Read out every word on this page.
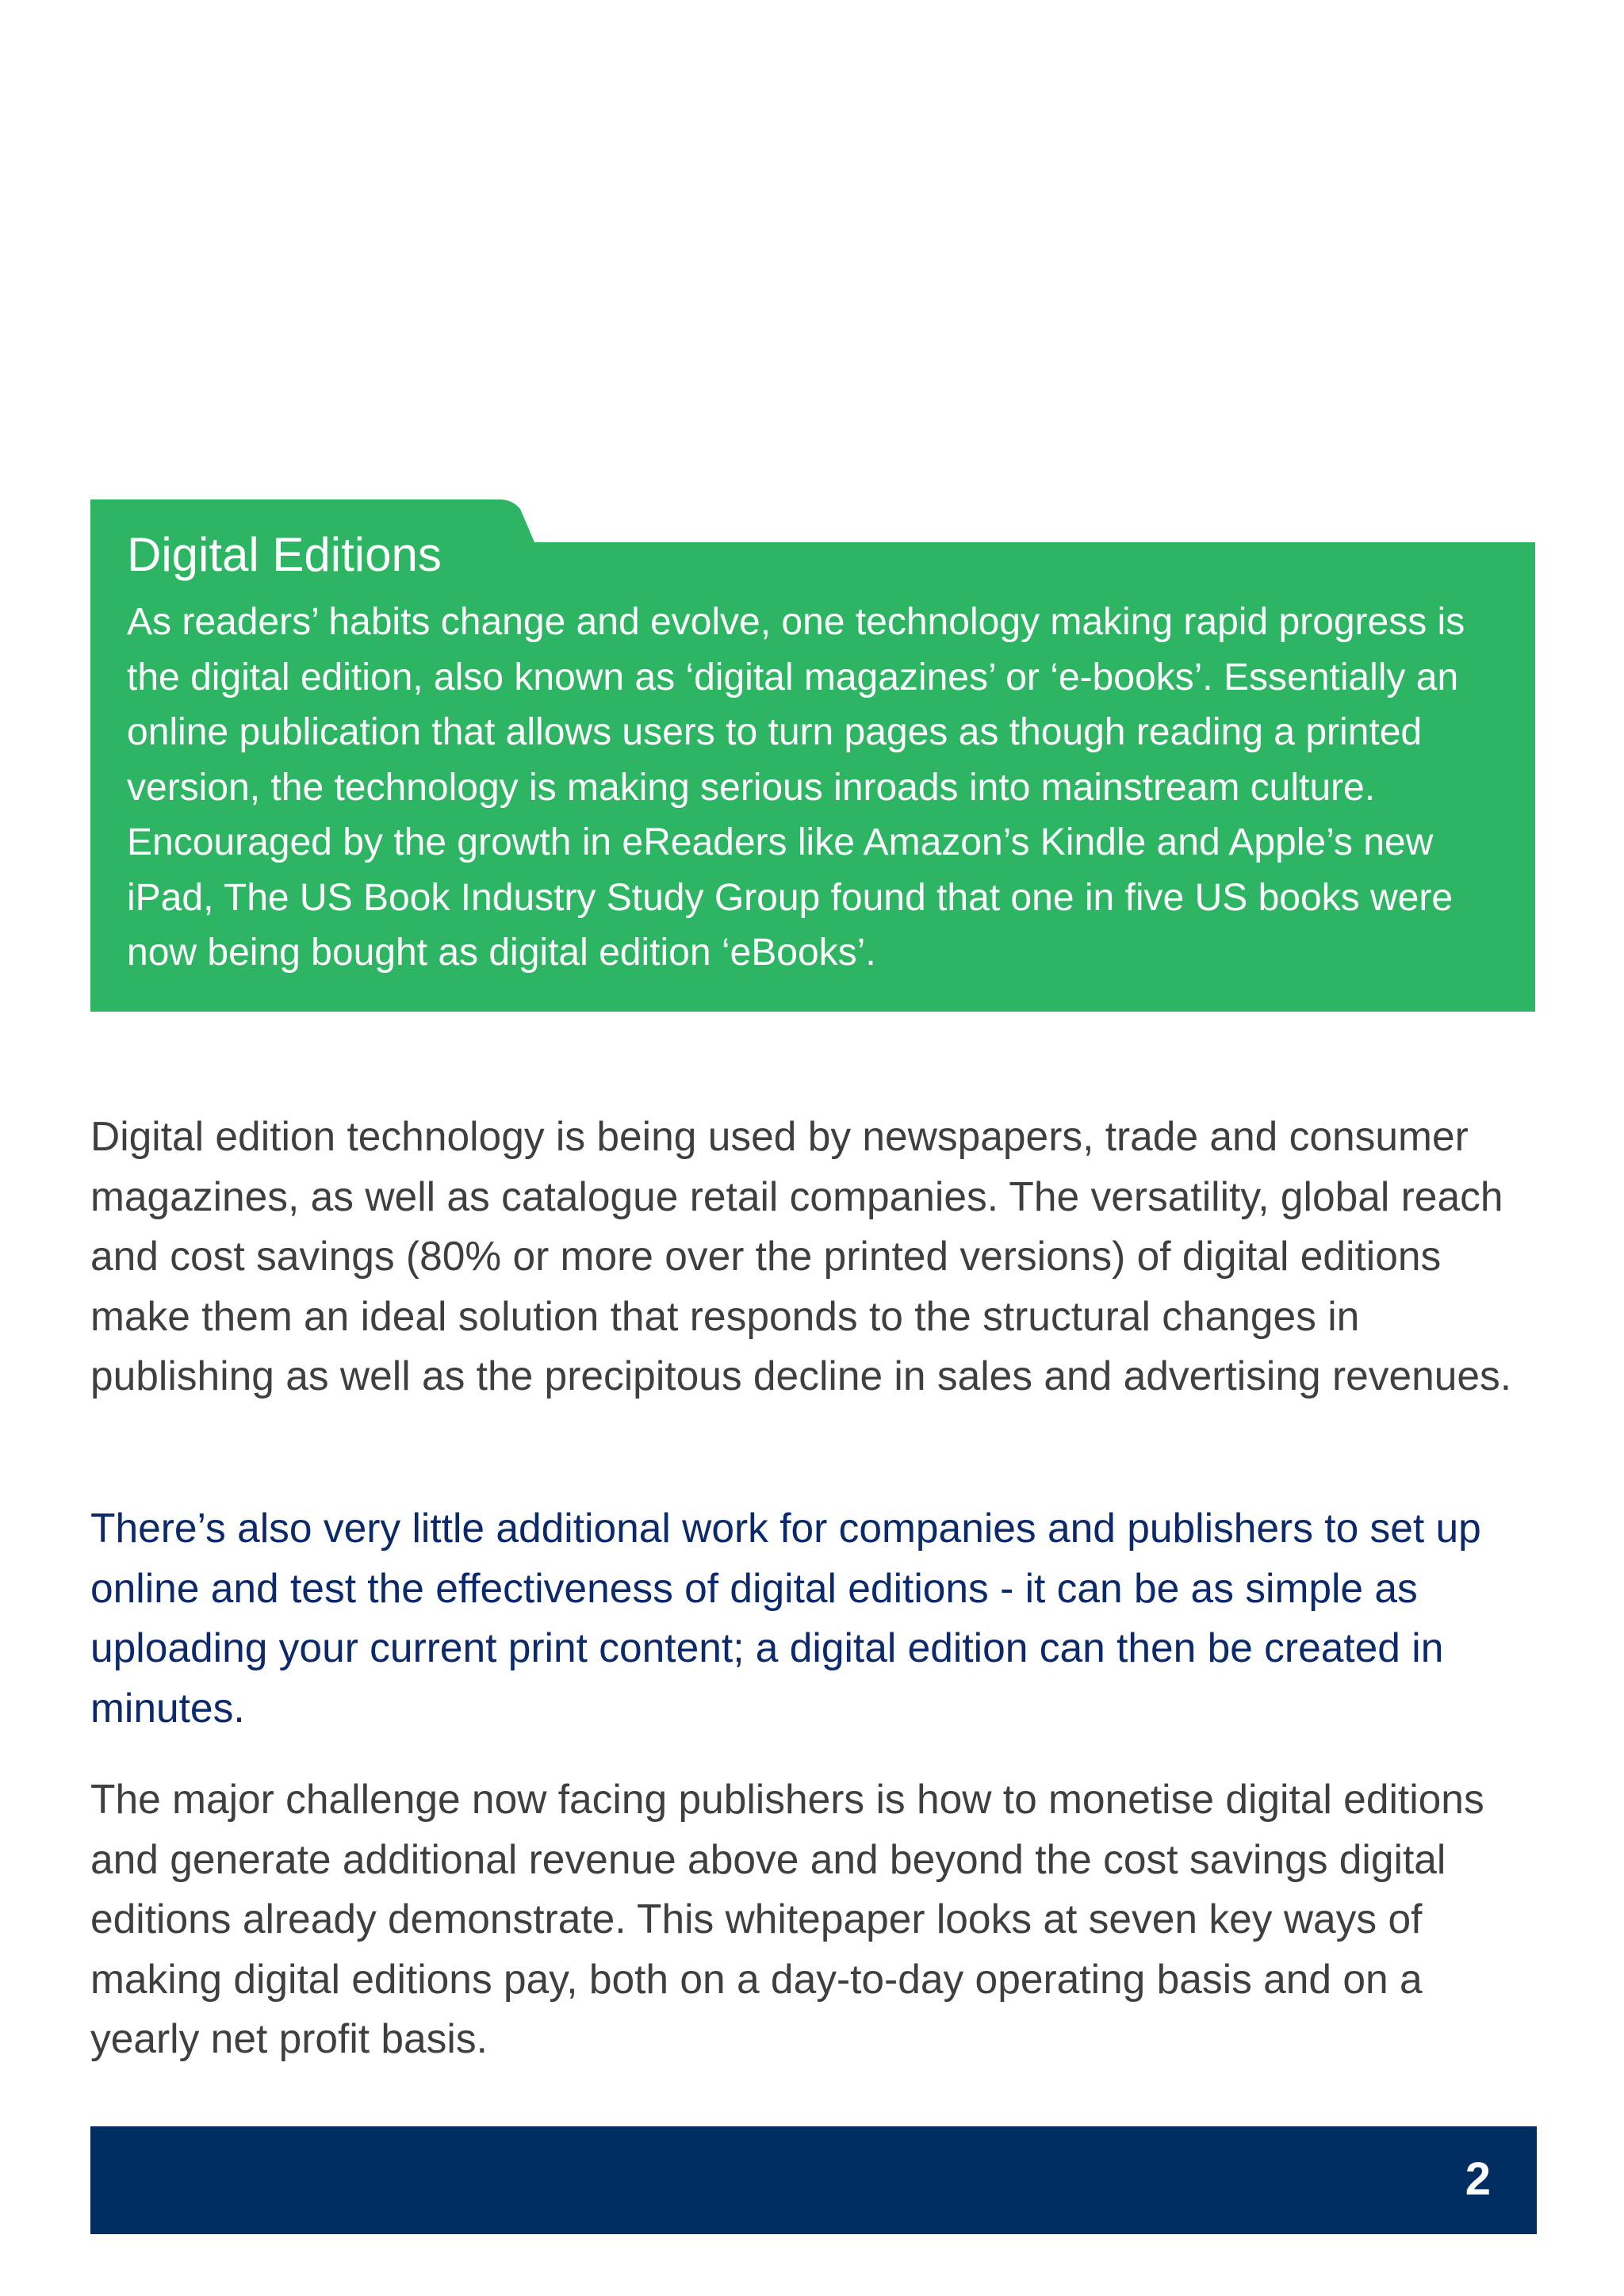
Digital Editions

As readers’ habits change and evolve, one technology making rapid progress is the digital edition, also known as ‘digital magazines’ or ‘e-books’. Essentially an online publication that allows users to turn pages as though reading a printed version, the technology is making serious inroads into mainstream culture. Encouraged by the growth in eReaders like Amazon’s Kindle and Apple’s new iPad, The US Book Industry Study Group found that one in five US books were now being bought as digital edition ‘eBooks’.

Digital edition technology is being used by newspapers, trade and consumer magazines, as well as catalogue retail companies. The versatility, global reach and cost savings (80% or more over the printed versions) of digital editions make them an ideal solution that responds to the structural changes in publishing as well as the precipitous decline in sales and advertising revenues.

There’s also very little additional work for companies and publishers to set up online and test the effectiveness of digital editions - it can be as simple as uploading your current print content; a digital edition can then be created in minutes.

The major challenge now facing publishers is how to monetise digital editions and generate additional revenue above and beyond the cost savings digital editions already demonstrate. This whitepaper looks at seven key ways of making digital editions pay, both on a day-to-day operating basis and on a yearly net profit basis.

2
